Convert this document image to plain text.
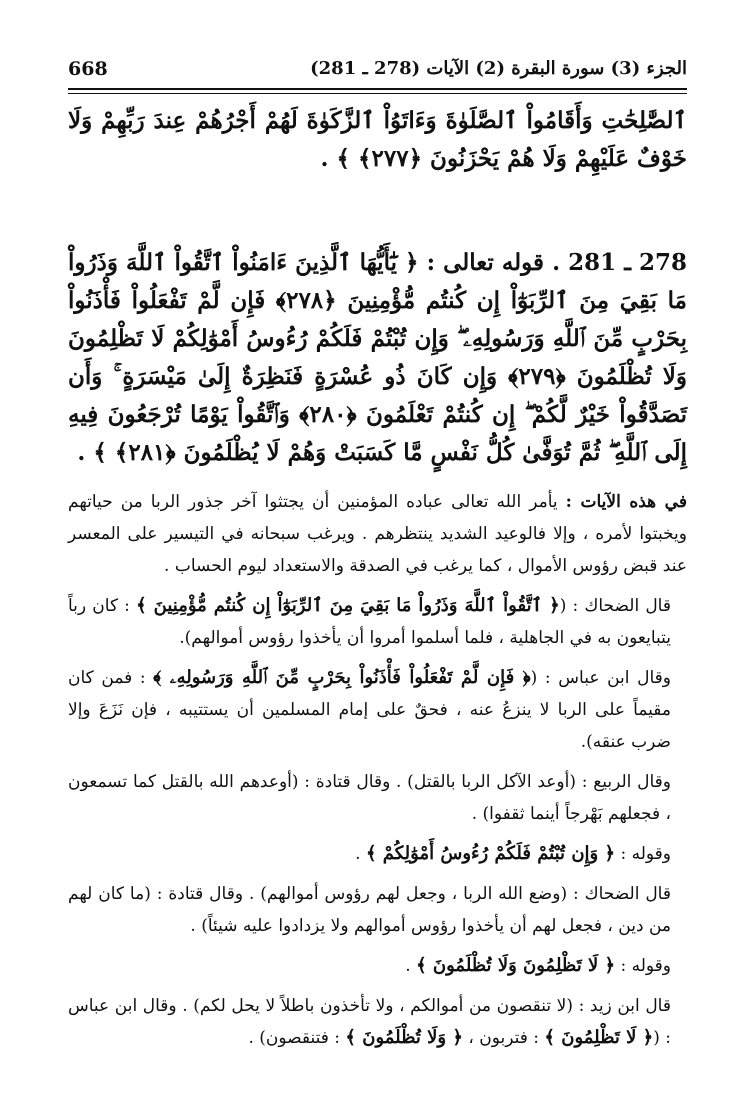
668	الجزء (3) سورة البقرة (2) الآيات (278 ـ 281)

ٱلصَّٰلِحَٰتِ وَأَقَامُواْ ٱلصَّلَوٰةَ وَءَاتَوُاْ ٱلزَّكَوٰةَ لَهُمْ أَجْرُهُمْ عِندَ رَبِّهِمْ وَلَا خَوْفٌ عَلَيْهِمْ وَلَا هُمْ يَحْزَنُونَ ﴿٢٧٧﴾ ﴾ .

278 ـ 281 . قوله تعالى : ﴿ يَٰٓأَيُّهَا ٱلَّذِينَ ءَامَنُواْ ٱتَّقُواْ ٱللَّهَ وَذَرُواْ مَا بَقِيَ مِنَ ٱلرِّبَوٰٓاْ إِن كُنتُم مُّؤْمِنِينَ ﴿٢٧٨﴾ فَإِن لَّمْ تَفْعَلُواْ فَأْذَنُواْ بِحَرْبٍ مِّنَ ٱللَّهِ وَرَسُولِهِۦ ۖ وَإِن تُبْتُمْ فَلَكُمْ رُءُوسُ أَمْوَٰلِكُمْ لَا تَظْلِمُونَ وَلَا تُظْلَمُونَ ﴿٢٧٩﴾ وَإِن كَانَ ذُو عُسْرَةٍ فَنَظِرَةٌ إِلَىٰ مَيْسَرَةٍ ۚ وَأَن تَصَدَّقُواْ خَيْرٌ لَّكُمْ ۖ إِن كُنتُمْ تَعْلَمُونَ ﴿٢٨٠﴾ وَٱتَّقُواْ يَوْمًا تُرْجَعُونَ فِيهِ إِلَى ٱللَّهِ ۖ ثُمَّ تُوَفَّىٰ كُلُّ نَفْسٍ مَّا كَسَبَتْ وَهُمْ لَا يُظْلَمُونَ ﴿٢٨١﴾ ﴾ .

في هذه الآيات : يأمر الله تعالى عباده المؤمنين أن يجتثوا آخر جذور الربا من حياتهم ويخبتوا لأمره ، وإلا فالوعيد الشديد ينتظرهم . ويرغب سبحانه في التيسير على المعسر عند قبض رؤوس الأموال ، كما يرغب في الصدقة والاستعداد ليوم الحساب .

قال الضحاك : (﴿ ٱتَّقُواْ ٱللَّهَ وَذَرُواْ مَا بَقِيَ مِنَ ٱلرِّبَوٰٓاْ إِن كُنتُم مُّؤْمِنِينَ ﴾ : كان رباً يتبايعون به في الجاهلية ، فلما أسلموا أمروا أن يأخذوا رؤوس أموالهم).

وقال ابن عباس : (﴿ فَإِن لَّمْ تَفْعَلُواْ فَأْذَنُواْ بِحَرْبٍ مِّنَ ٱللَّهِ وَرَسُولِهِۦ ﴾ : فمن كان مقيماً على الربا لا ينزعُ عنه ، فحقٌ على إمام المسلمين أن يستتيبه ، فإن نَزَعَ وإلا ضرب عنقه).

وقال الربيع : (أوعد الآكل الربا بالقتل) . وقال قتادة : (أوعدهم الله بالقتل كما تسمعون ، فجعلهم بَهْرجاً أينما ثقفوا) .

وقوله : ﴿ وَإِن تُبْتُمْ فَلَكُمْ رُءُوسُ أَمْوَٰلِكُمْ ﴾ .

قال الضحاك : (وضع الله الربا ، وجعل لهم رؤوس أموالهم) . وقال قتادة : (ما كان لهم من دين ، فجعل لهم أن يأخذوا رؤوس أموالهم ولا يزدادوا عليه شيئاً) .

وقوله : ﴿ لَا تَظْلِمُونَ وَلَا تُظْلَمُونَ ﴾ .

قال ابن زيد : (لا تنقصون من أموالكم ، ولا تأخذون باطلاً لا يحل لكم) . وقال ابن عباس : (﴿ لَا تَظْلِمُونَ ﴾ : فتربون ، ﴿ وَلَا تُظْلَمُونَ ﴾ : فتنقصون) .
